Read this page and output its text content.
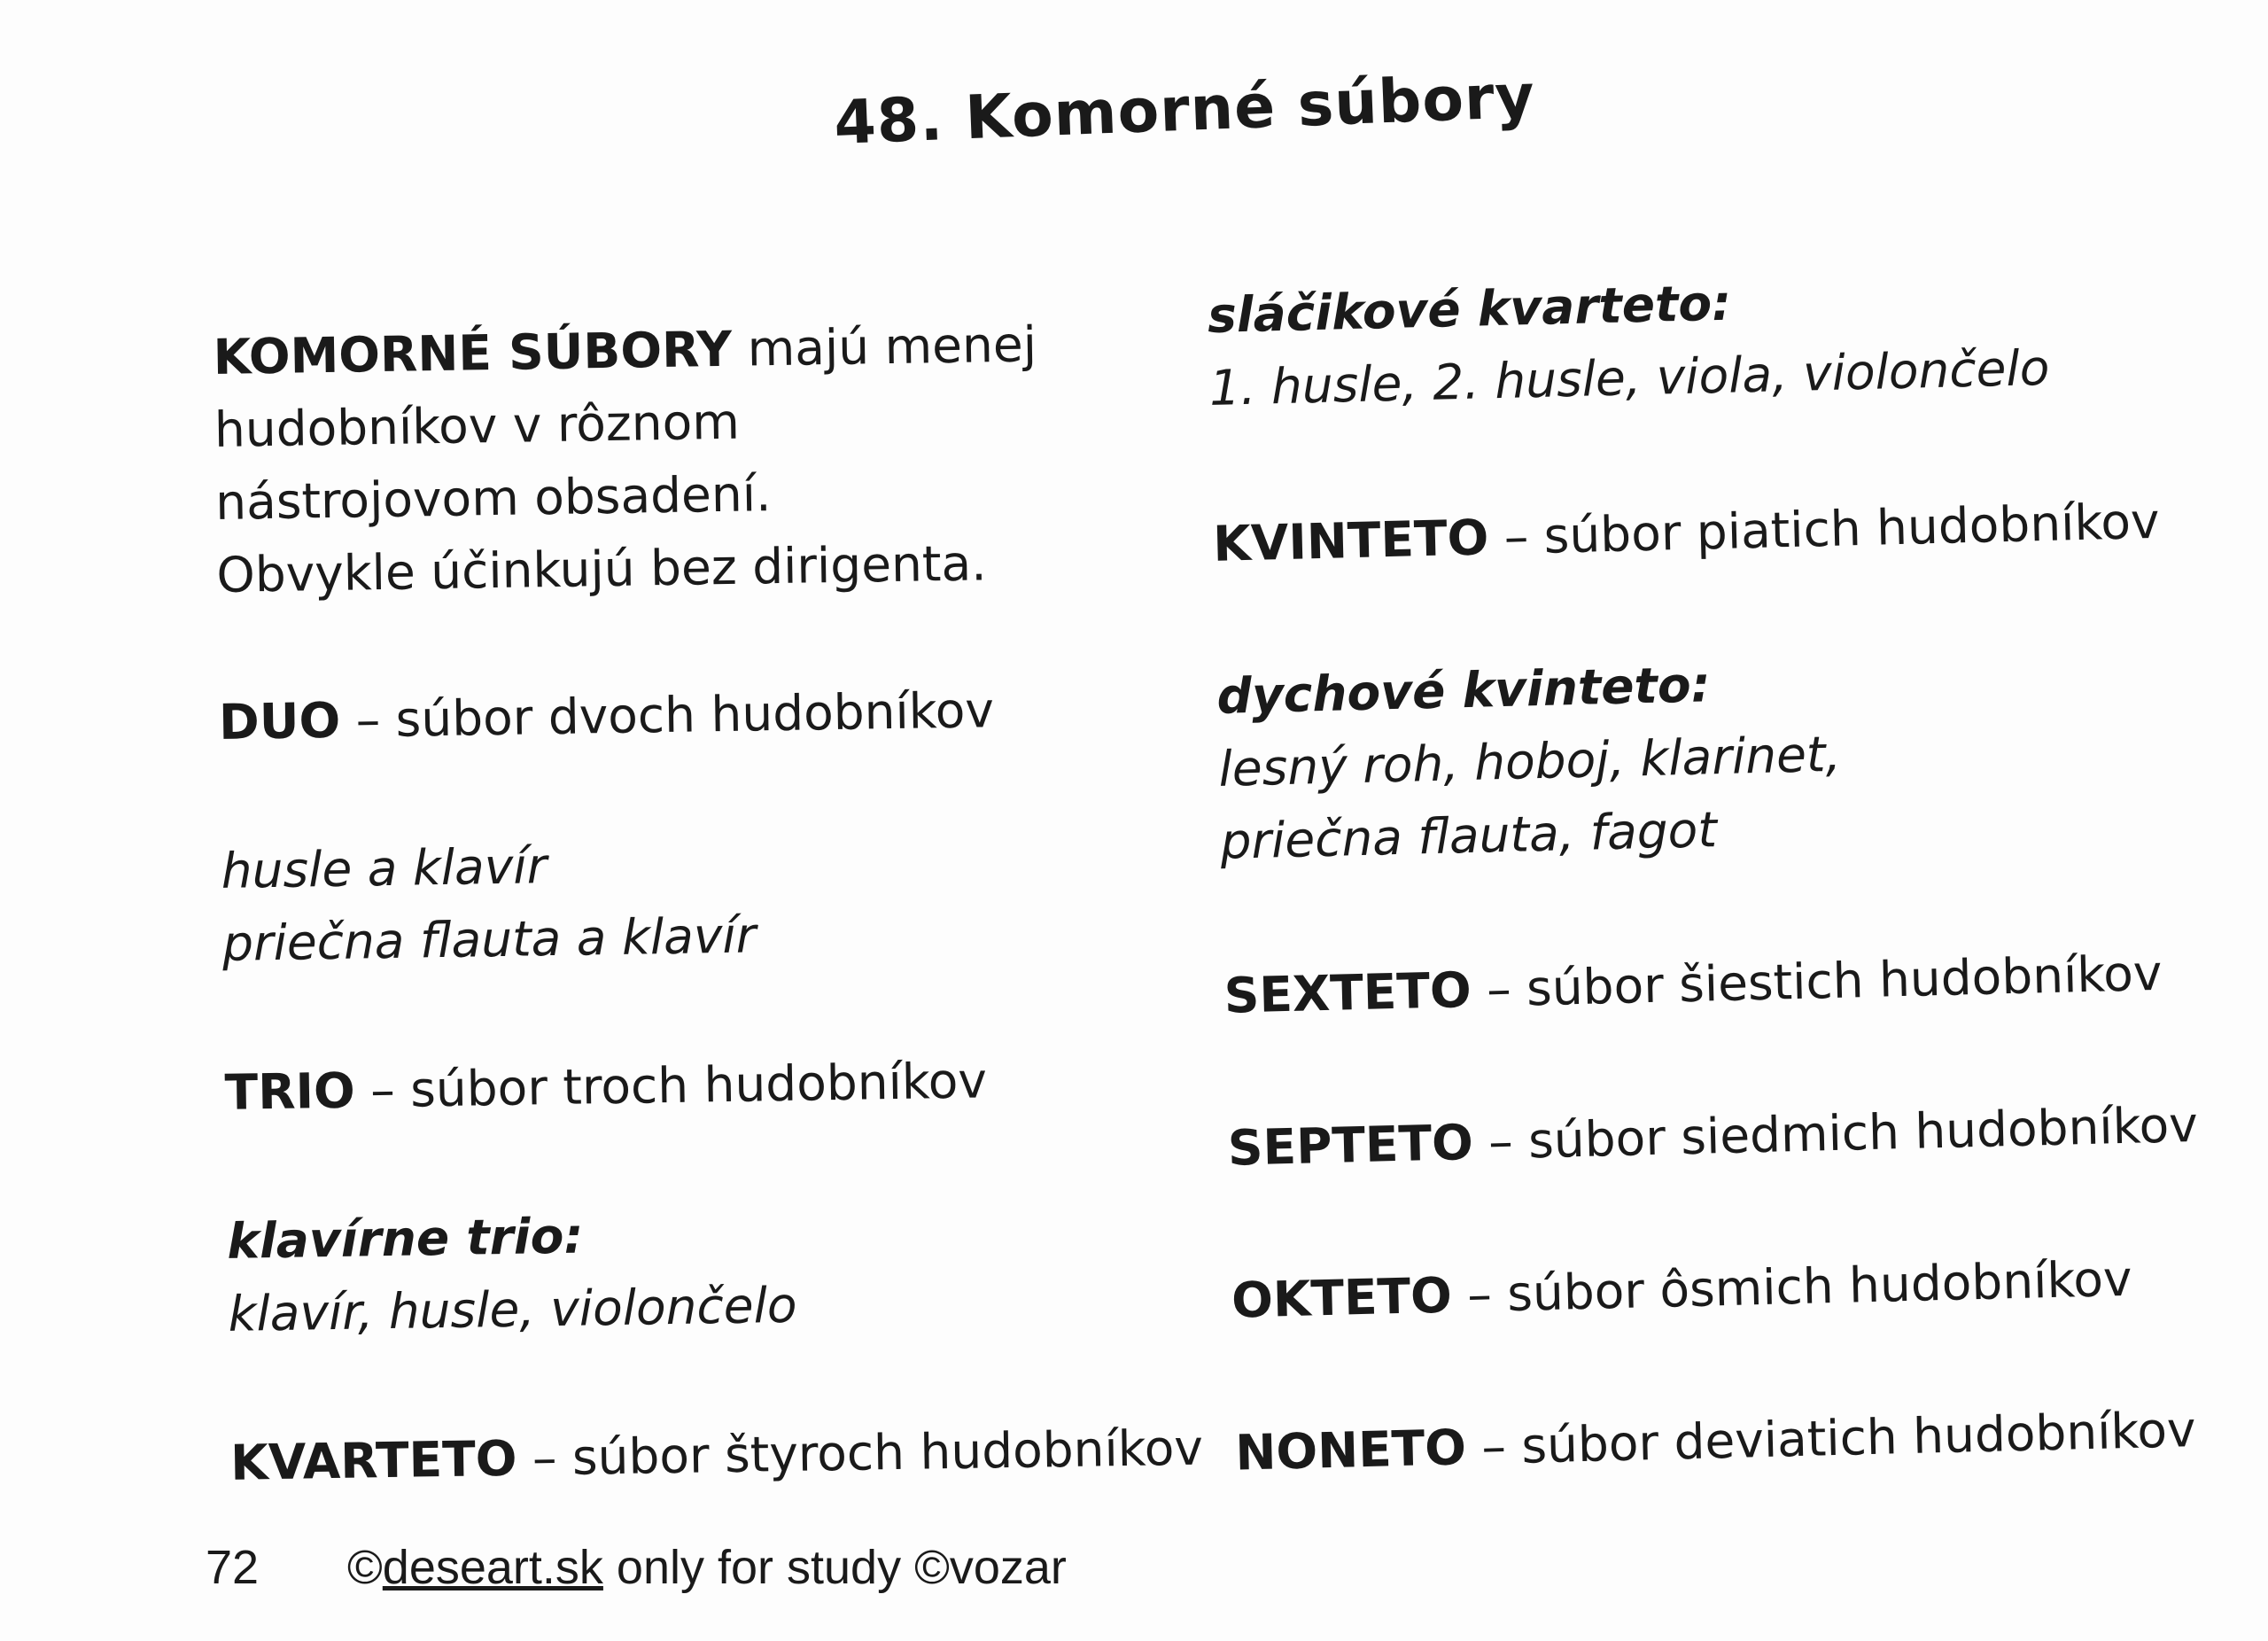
48. Komorné súbory
KOMORNÉ SÚBORY majú menej
hudobníkov v rôznom
nástrojovom obsadení.
Obvykle účinkujú bez dirigenta.
DUO – súbor dvoch hudobníkov
husle a klavír
priečna flauta a klavír
TRIO – súbor troch hudobníkov
klavírne trio:
klavír, husle, violončelo
KVARTETO – súbor štyroch hudobníkov
sláčikové kvarteto:
1. husle, 2. husle, viola, violončelo
KVINTETO – súbor piatich hudobníkov
dychové kvinteto:
lesný roh, hoboj, klarinet,
priečna flauta, fagot
SEXTETO – súbor šiestich hudobníkov
SEPTETO – súbor siedmich hudobníkov
OKTETO – súbor ôsmich hudobníkov
NONETO – súbor deviatich hudobníkov
72 ©deseart.sk only for study ©vozar
